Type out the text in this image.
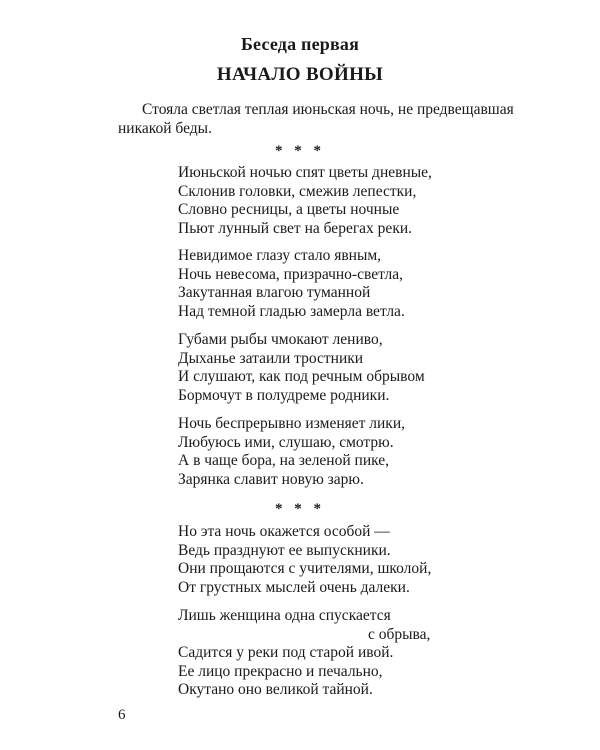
Беседа первая
НАЧАЛО ВОЙНЫ
Стояла светлая теплая июньская ночь, не предвещавшая
никакой беды.
* * *
Июньской ночью спят цветы дневные,
Склонив головки, смежив лепестки,
Словно ресницы, а цветы ночные
Пьют лунный свет на берегах реки.
Невидимое глазу стало явным,
Ночь невесома, призрачно-светла,
Закутанная влагою туманной
Над темной гладью замерла ветла.
Губами рыбы чмокают лениво,
Дыханье затаили тростники
И слушают, как под речным обрывом
Бормочут в полудреме родники.
Ночь беспрерывно изменяет лики,
Любуюсь ими, слушаю, смотрю.
А в чаще бора, на зеленой пике,
Зарянка славит новую зарю.
* * *
Но эта ночь окажется особой —
Ведь празднуют ее выпускники.
Они прощаются с учителями, школой,
От грустных мыслей очень далеки.
Лишь женщина одна спускается
с обрыва,
Садится у реки под старой ивой.
Ее лицо прекрасно и печально,
Окутано оно великой тайной.
6
